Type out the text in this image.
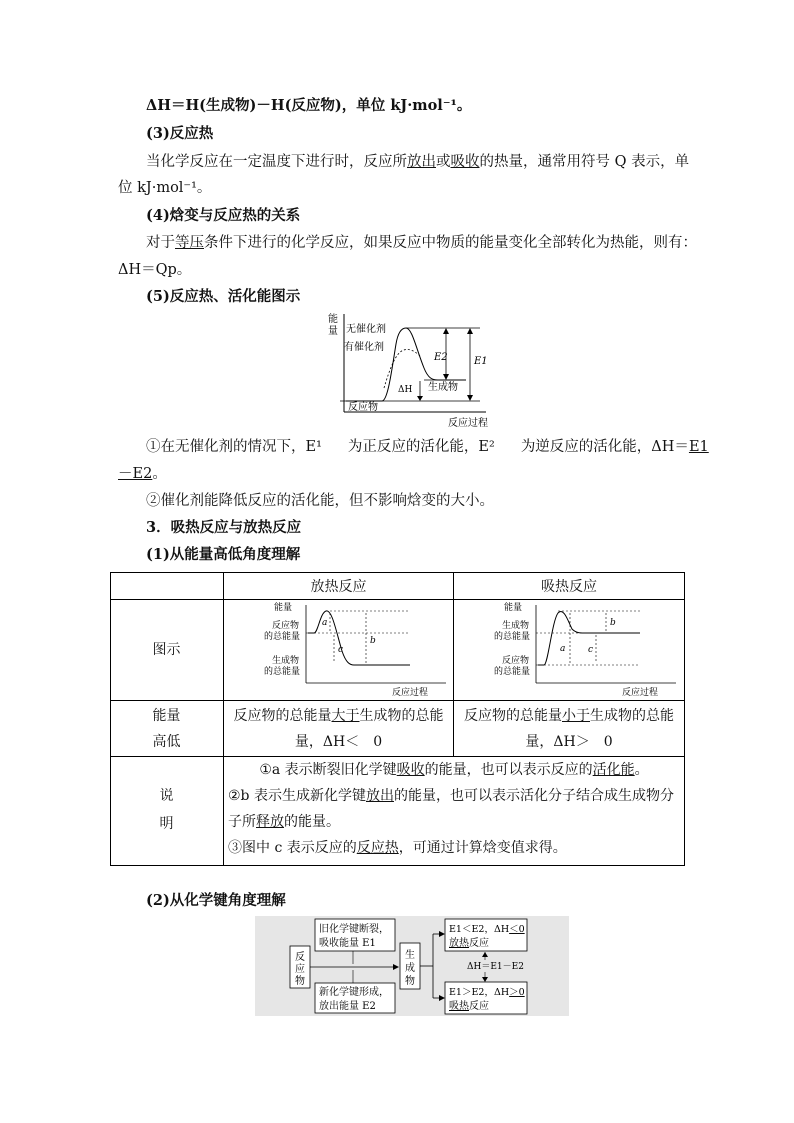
ΔH＝H(生成物)－H(反应物)，单位 kJ·mol⁻¹。
(3)反应热
当化学反应在一定温度下进行时，反应所放出或吸收的热量，通常用符号 Q 表示，单
位 kJ·mol⁻¹。
(4)焓变与反应热的关系
对于等压条件下进行的化学反应，如果反应中物质的能量变化全部转化为热能，则有：
ΔH＝Qp。
(5)反应热、活化能图示
能
量 无催化剂
有催化剂
E2	E1
ΔH 生成物
反应物
反应过程
①在无催化剂的情况下，E¹ 为正反应的活化能，E² 为逆反应的活化能，ΔH＝E1
－E2。
②催化剂能降低反应的活化能，但不影响焓变的大小。
3．吸热反应与放热反应
(1)从能量高低角度理解
放热反应	吸热反应
图示
能量
高低
说
明
反应物的总能量大于生成物的总能
量，ΔH＜　0
反应物的总能量小于生成物的总能
量，ΔH＞　0
①a 表示断裂旧化学键吸收的能量，也可以表示反应的活化能。
②b 表示生成新化学键放出的能量，也可以表示活化分子结合成生成物分
子所释放的能量。
③图中 c 表示反应的反应热，可通过计算焓变值求得。
能量
反应物
的总能量
生成物
的总能量
a
b
c
反应过程
能量
生成物
的总能量
反应物
的总能量
a
b
c
反应过程
(2)从化学键角度理解
反
应
物
旧化学键断裂，
吸收能量 E1
新化学键形成，
放出能量 E2
生
成
物
E1＜E2，ΔH＜0
放热反应
ΔH＝E1－E2
E1＞E2，ΔH＞0
吸热反应
